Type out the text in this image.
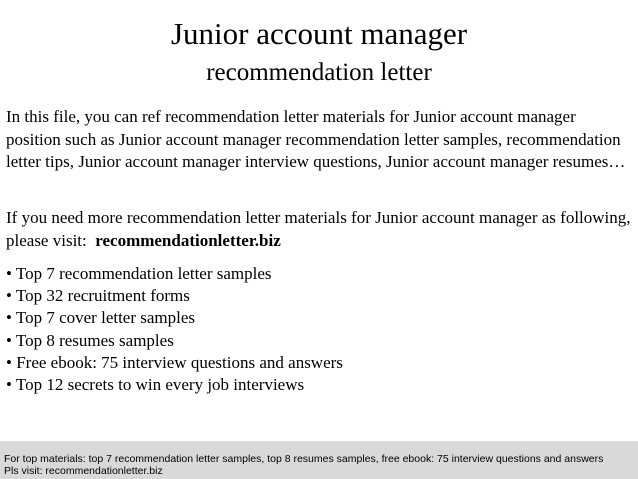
Junior account manager
recommendation letter
In this file, you can ref recommendation letter materials for Junior account manager position such as Junior account manager recommendation letter samples, recommendation letter tips, Junior account manager interview questions, Junior account manager resumes…
If you need more recommendation letter materials for Junior account manager as following, please visit:  recommendationletter.biz
• Top 7 recommendation letter samples
• Top 32 recruitment forms
• Top 7 cover letter samples
• Top 8 resumes samples
• Free ebook: 75 interview questions and answers
• Top 12 secrets to win every job interviews
For top materials: top 7 recommendation letter samples, top 8 resumes samples, free ebook: 75 interview questions and answers
Pls visit: recommendationletter.biz
